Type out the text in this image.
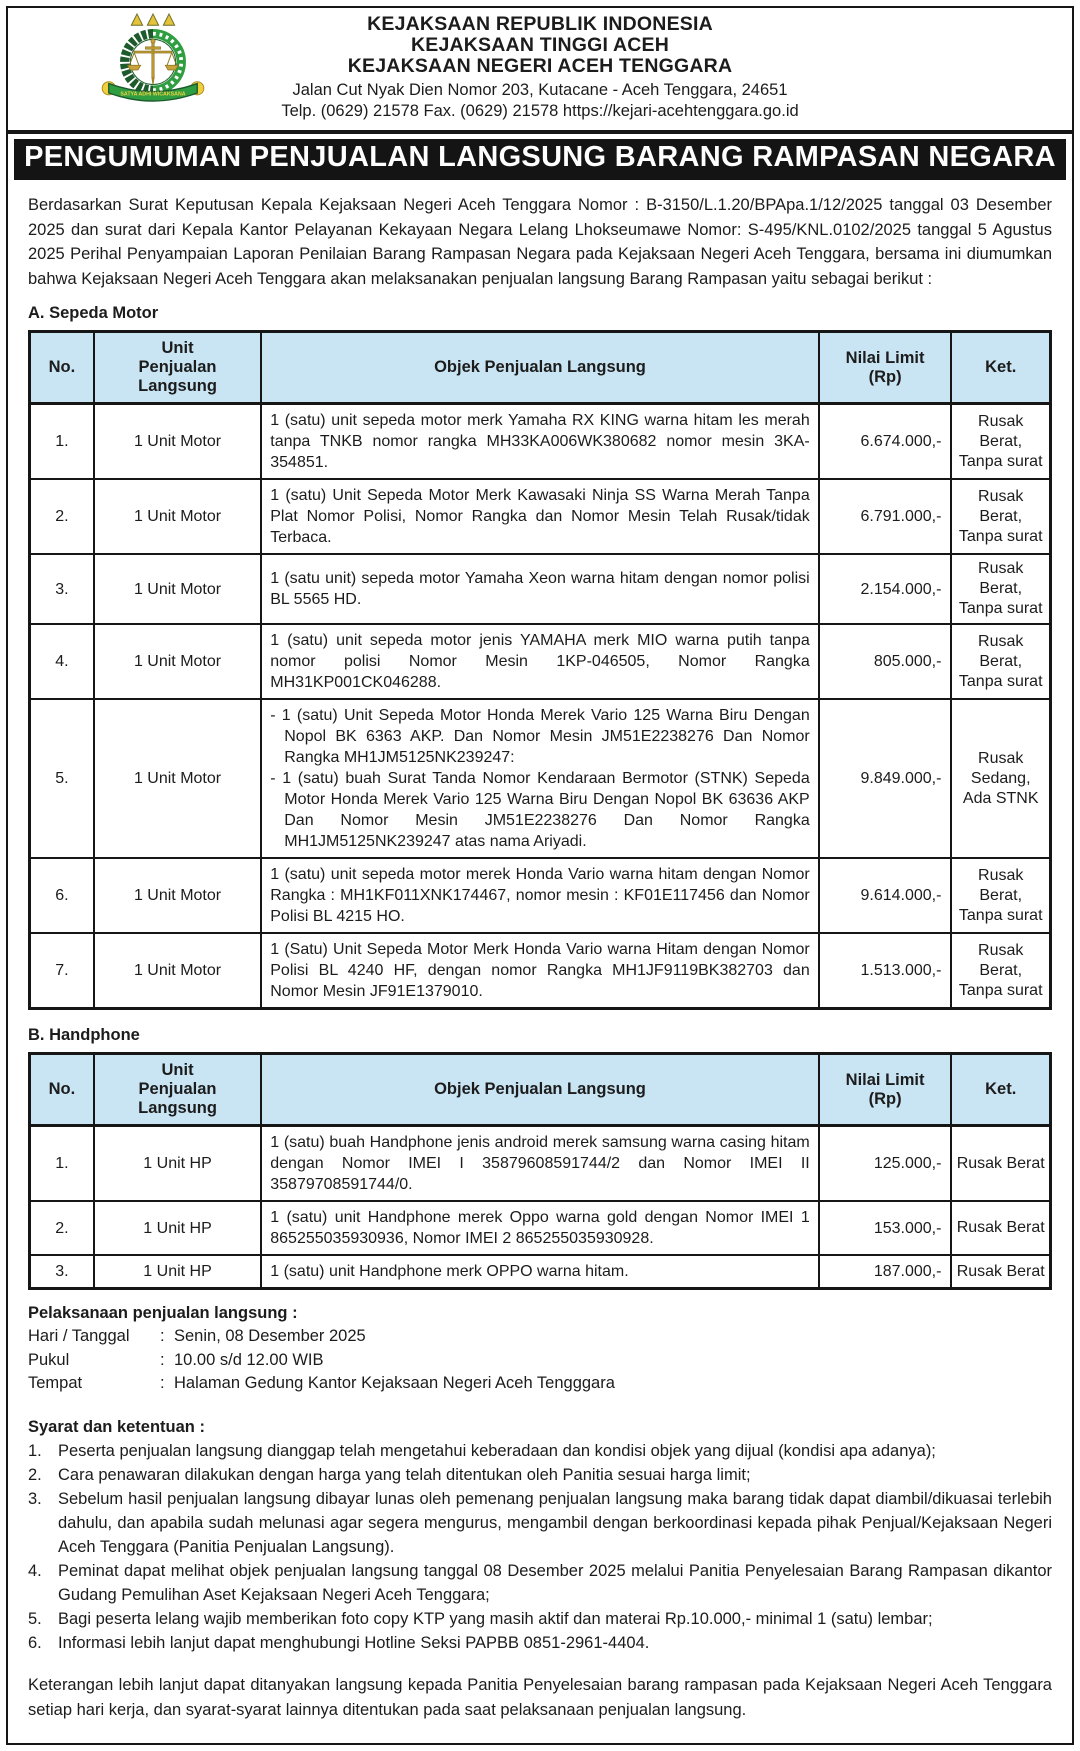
SATYA ADHI WICAKSANA
KEJAKSAAN REPUBLIK INDONESIA
KEJAKSAAN TINGGI ACEH
KEJAKSAAN NEGERI ACEH TENGGARA
Jalan Cut Nyak Dien Nomor 203, Kutacane - Aceh Tenggara, 24651
Telp. (0629) 21578 Fax. (0629) 21578 https://kejari-acehtenggara.go.id
PENGUMUMAN PENJUALAN LANGSUNG BARANG RAMPASAN NEGARA

Berdasarkan Surat Keputusan Kepala Kejaksaan Negeri Aceh Tenggara Nomor : B-3150/L.1.20/BPApa.1/12/2025 tanggal 03 Desember 2025 dan surat dari Kepala Kantor Pelayanan Kekayaan Negara Lelang Lhokseumawe Nomor: S-495/KNL.0102/2025 tanggal 5 Agustus 2025 Perihal Penyampaian Laporan Penilaian Barang Rampasan Negara pada Kejaksaan Negeri Aceh Tenggara, bersama ini diumumkan bahwa Kejaksaan Negeri Aceh Tenggara akan melaksanakan penjualan langsung Barang Rampasan yaitu sebagai berikut :

A. Sepeda Motor
No.	Unit Penjualan Langsung	Objek Penjualan Langsung	Nilai Limit (Rp)	Ket.
1.	1 Unit Motor	1 (satu) unit sepeda motor merk Yamaha RX KING warna hitam les merah tanpa TNKB nomor rangka MH33KA006WK380682 nomor mesin 3KA-354851.	6.674.000,-	Rusak Berat, Tanpa surat
2.	1 Unit Motor	1 (satu) Unit Sepeda Motor Merk Kawasaki Ninja SS Warna Merah Tanpa Plat Nomor Polisi, Nomor Rangka dan Nomor Mesin Telah Rusak/tidak Terbaca.	6.791.000,-	Rusak Berat, Tanpa surat
3.	1 Unit Motor	1 (satu unit) sepeda motor Yamaha Xeon warna hitam dengan nomor polisi BL 5565 HD.	2.154.000,-	Rusak Berat, Tanpa surat
4.	1 Unit Motor	1 (satu) unit sepeda motor jenis YAMAHA merk MIO warna putih tanpa nomor polisi Nomor Mesin 1KP-046505, Nomor Rangka MH31KP001CK046288.	805.000,-	Rusak Berat, Tanpa surat
5.	1 Unit Motor	- 1 (satu) Unit Sepeda Motor Honda Merek Vario 125 Warna Biru Dengan Nopol BK 6363 AKP. Dan Nomor Mesin JM51E2238276 Dan Nomor Rangka MH1JM5125NK239247:
- 1 (satu) buah Surat Tanda Nomor Kendaraan Bermotor (STNK) Sepeda Motor Honda Merek Vario 125 Warna Biru Dengan Nopol BK 63636 AKP Dan Nomor Mesin JM51E2238276 Dan Nomor Rangka MH1JM5125NK239247 atas nama Ariyadi.	9.849.000,-	Rusak Sedang, Ada STNK
6.	1 Unit Motor	1 (satu) unit sepeda motor merek Honda Vario warna hitam dengan Nomor Rangka : MH1KF011XNK174467, nomor mesin : KF01E117456 dan Nomor Polisi BL 4215 HO.	9.614.000,-	Rusak Berat, Tanpa surat
7.	1 Unit Motor	1 (Satu) Unit Sepeda Motor Merk Honda Vario warna Hitam dengan Nomor Polisi BL 4240 HF, dengan nomor Rangka MH1JF9119BK382703 dan Nomor Mesin JF91E1379010.	1.513.000,-	Rusak Berat, Tanpa surat
B. Handphone
No.	Unit Penjualan Langsung	Objek Penjualan Langsung	Nilai Limit (Rp)	Ket.
1.	1 Unit HP	1 (satu) buah Handphone jenis android merek samsung warna casing hitam dengan Nomor IMEI I 35879608591744/2 dan Nomor IMEI II 35879708591744/0.	125.000,-	Rusak Berat
2.	1 Unit HP	1 (satu) unit Handphone merek Oppo warna gold dengan Nomor IMEI 1 865255035930936, Nomor IMEI 2 865255035930928.	153.000,-	Rusak Berat
3.	1 Unit HP	1 (satu) unit Handphone merk OPPO warna hitam.	187.000,-	Rusak Berat
Pelaksanaan penjualan langsung :
Hari / Tanggal	: Senin, 08 Desember 2025
Pukul	: 10.00 s/d 12.00 WIB
Tempat	: Halaman Gedung Kantor Kejaksaan Negeri Aceh Tengggara
Syarat dan ketentuan :
1. Peserta penjualan langsung dianggap telah mengetahui keberadaan dan kondisi objek yang dijual (kondisi apa adanya);
2. Cara penawaran dilakukan dengan harga yang telah ditentukan oleh Panitia sesuai harga limit;
3. Sebelum hasil penjualan langsung dibayar lunas oleh pemenang penjualan langsung maka barang tidak dapat diambil/dikuasai terlebih dahulu, dan apabila sudah melunasi agar segera mengurus, mengambil dengan berkoordinasi kepada pihak Penjual/Kejaksaan Negeri Aceh Tenggara (Panitia Penjualan Langsung).
4. Peminat dapat melihat objek penjualan langsung tanggal 08 Desember 2025 melalui Panitia Penyelesaian Barang Rampasan dikantor Gudang Pemulihan Aset Kejaksaan Negeri Aceh Tenggara;
5. Bagi peserta lelang wajib memberikan foto copy KTP yang masih aktif dan materai Rp.10.000,- minimal 1 (satu) lembar;
6. Informasi lebih lanjut dapat menghubungi Hotline Seksi PAPBB 0851-2961-4404.

Keterangan lebih lanjut dapat ditanyakan langsung kepada Panitia Penyelesaian barang rampasan pada Kejaksaan Negeri Aceh Tenggara setiap hari kerja, dan syarat-syarat lainnya ditentukan pada saat pelaksanaan penjualan langsung.
